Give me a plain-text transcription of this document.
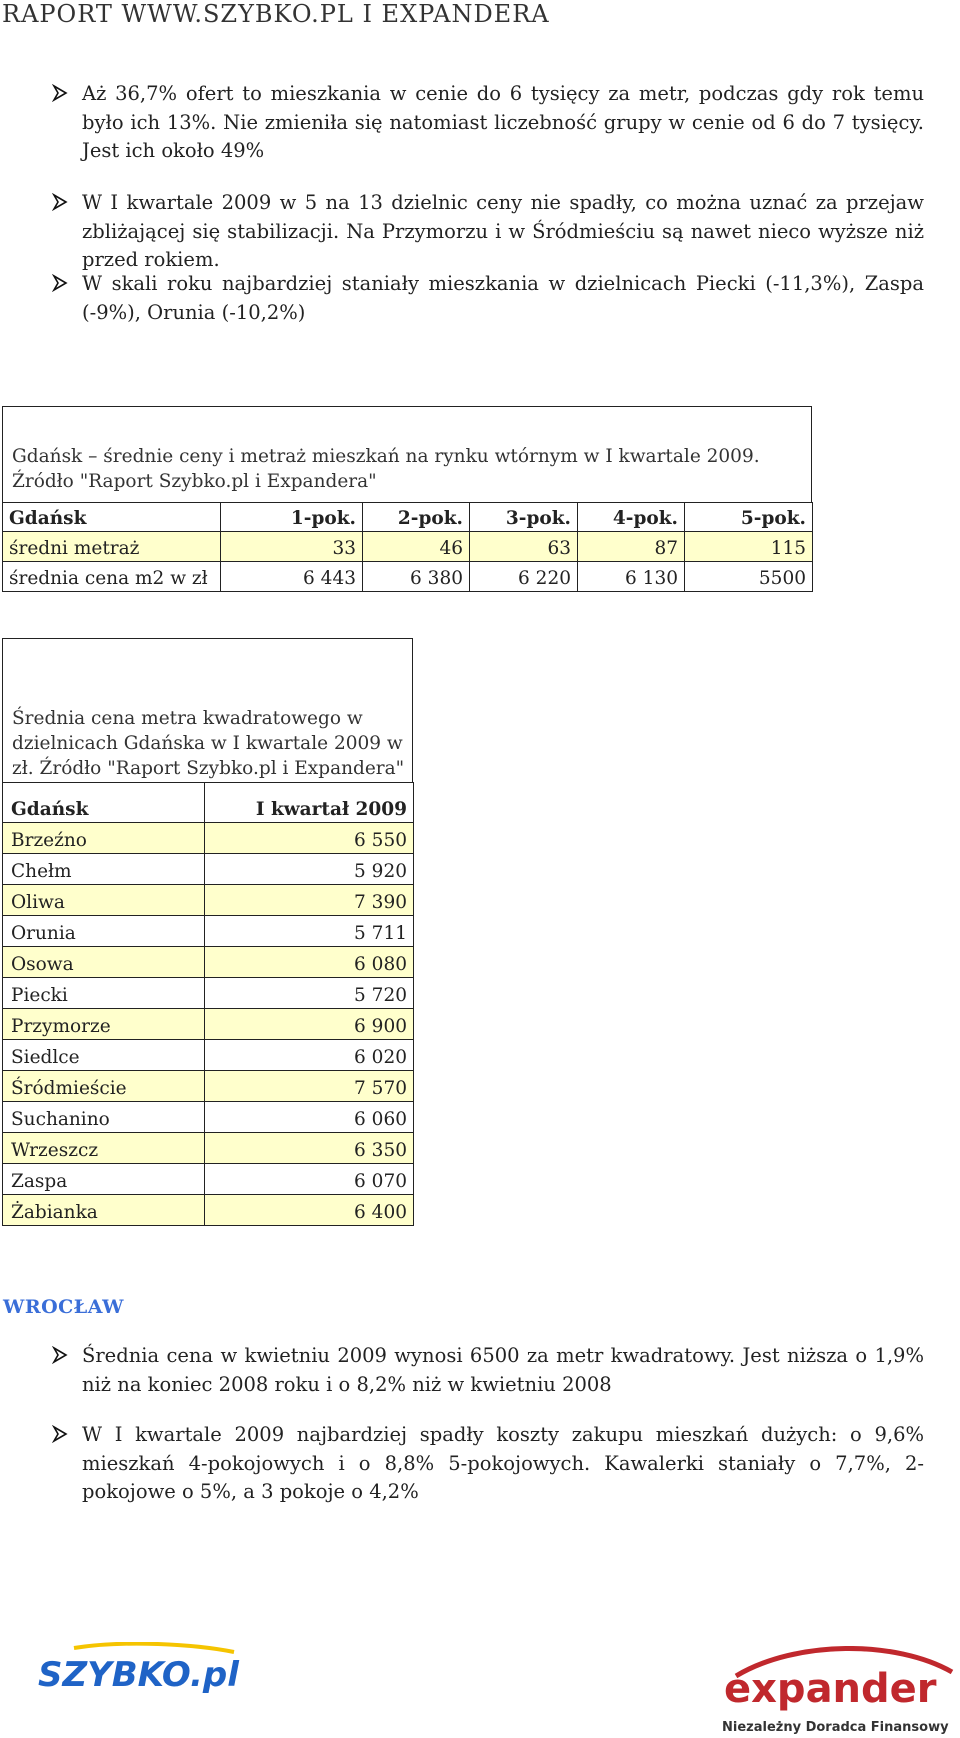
RAPORT WWW.SZYBKO.PL I EXPANDERA
Aż 36,7% ofert to mieszkania w cenie do 6 tysięcy za metr, podczas gdy rok temu było ich 13%. Nie zmieniła się natomiast liczebność grupy w cenie od 6 do 7 tysięcy. Jest ich około 49%
W I kwartale 2009 w 5 na 13 dzielnic ceny nie spadły, co można uznać za przejaw zbliżającej się stabilizacji. Na Przymorzu i w Śródmieściu są nawet nieco wyższe niż przed rokiem.
W skali roku najbardziej staniały mieszkania w dzielnicach Piecki (-11,3%), Zaspa (-9%), Orunia (-10,2%)
Gdańsk – średnie ceny i metraż mieszkań na rynku wtórnym w I kwartale 2009. Źródło "Raport Szybko.pl i Expandera"
Gdańsk	1-pok.	2-pok.	3-pok.	4-pok.	5-pok.
średni metraż	33	46	63	87	115
średnia cena m2 w zł	6 443	6 380	6 220	6 130	5500
Średnia cena metra kwadratowego w dzielnicach Gdańska w I kwartale 2009 w zł. Źródło "Raport Szybko.pl i Expandera"
Gdańsk	I kwartał 2009
Brzeźno	6 550
Chełm	5 920
Oliwa	7 390
Orunia	5 711
Osowa	6 080
Piecki	5 720
Przymorze	6 900
Siedlce	6 020
Śródmieście	7 570
Suchanino	6 060
Wrzeszcz	6 350
Zaspa	6 070
Żabianka	6 400
WROCŁAW
Średnia cena w kwietniu 2009 wynosi 6500 za metr kwadratowy. Jest niższa o 1,9% niż na koniec 2008 roku i o 8,2% niż w kwietniu 2008
W I kwartale 2009 najbardziej spadły koszty zakupu mieszkań dużych: o 9,6% mieszkań 4-pokojowych i o 8,8% 5-pokojowych. Kawalerki staniały o 7,7%, 2-pokojowe o 5%, a 3 pokoje o 4,2%
SZYBKO.pl	expander
Niezależny Doradca Finansowy
